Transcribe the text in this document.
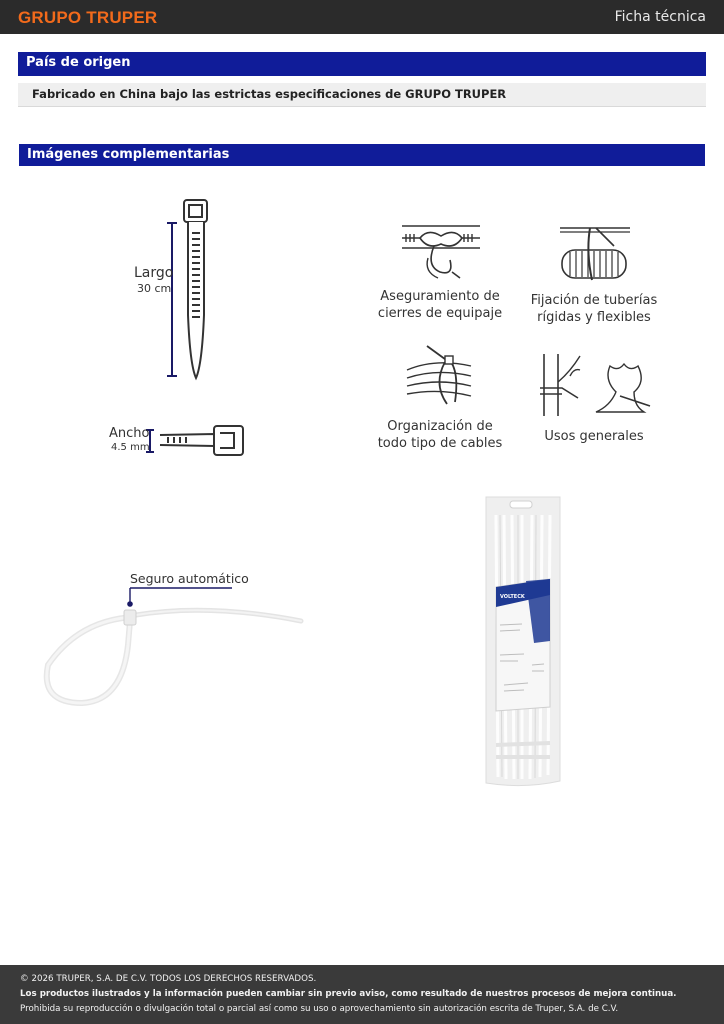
GRUPO TRUPER	Ficha técnica
País de origen
Fabricado en China bajo las estrictas especificaciones de GRUPO TRUPER
Imágenes complementarias
Largo
30 cm
Ancho
4.5 mm
Aseguramiento de
cierres de equipaje
Fijación de tuberías
rígidas y flexibles
Organización de
todo tipo de cables	Usos generales
Seguro automático
VOLTECK
© 2026 TRUPER, S.A. DE C.V. TODOS LOS DERECHOS RESERVADOS.
Los productos ilustrados y la información pueden cambiar sin previo aviso, como resultado de nuestros procesos de mejora continua.
Prohibida su reproducción o divulgación total o parcial así como su uso o aprovechamiento sin autorización escrita de Truper, S.A. de C.V.
